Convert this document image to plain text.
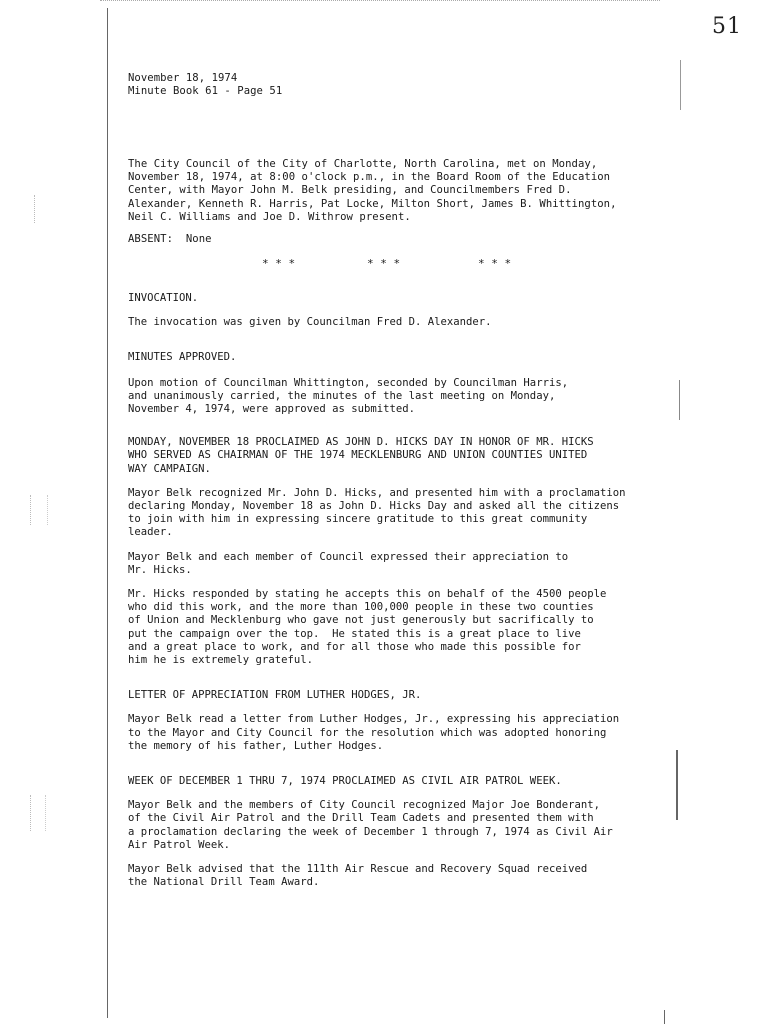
51
November 18, 1974
Minute Book 61 - Page 51
The City Council of the City of Charlotte, North Carolina, met on Monday,
November 18, 1974, at 8:00 o'clock p.m., in the Board Room of the Education
Center, with Mayor John M. Belk presiding, and Councilmembers Fred D.
Alexander, Kenneth R. Harris, Pat Locke, Milton Short, James B. Whittington,
Neil C. Williams and Joe D. Withrow present.
ABSENT:  None
* * *	* * *	* * *

INVOCATION.

The invocation was given by Councilman Fred D. Alexander.

MINUTES APPROVED.

Upon motion of Councilman Whittington, seconded by Councilman Harris,
and unanimously carried, the minutes of the last meeting on Monday,
November 4, 1974, were approved as submitted.

MONDAY, NOVEMBER 18 PROCLAIMED AS JOHN D. HICKS DAY IN HONOR OF MR. HICKS
WHO SERVED AS CHAIRMAN OF THE 1974 MECKLENBURG AND UNION COUNTIES UNITED
WAY CAMPAIGN.

Mayor Belk recognized Mr. John D. Hicks, and presented him with a proclamation
declaring Monday, November 18 as John D. Hicks Day and asked all the citizens
to join with him in expressing sincere gratitude to this great community
leader.

Mayor Belk and each member of Council expressed their appreciation to
Mr. Hicks.

Mr. Hicks responded by stating he accepts this on behalf of the 4500 people
who did this work, and the more than 100,000 people in these two counties
of Union and Mecklenburg who gave not just generously but sacrifically to
put the campaign over the top.  He stated this is a great place to live
and a great place to work, and for all those who made this possible for
him he is extremely grateful.

LETTER OF APPRECIATION FROM LUTHER HODGES, JR.

Mayor Belk read a letter from Luther Hodges, Jr., expressing his appreciation
to the Mayor and City Council for the resolution which was adopted honoring
the memory of his father, Luther Hodges.

WEEK OF DECEMBER 1 THRU 7, 1974 PROCLAIMED AS CIVIL AIR PATROL WEEK.

Mayor Belk and the members of City Council recognized Major Joe Bonderant,
of the Civil Air Patrol and the Drill Team Cadets and presented them with
a proclamation declaring the week of December 1 through 7, 1974 as Civil Air
Air Patrol Week.

Mayor Belk advised that the 111th Air Rescue and Recovery Squad received
the National Drill Team Award.
